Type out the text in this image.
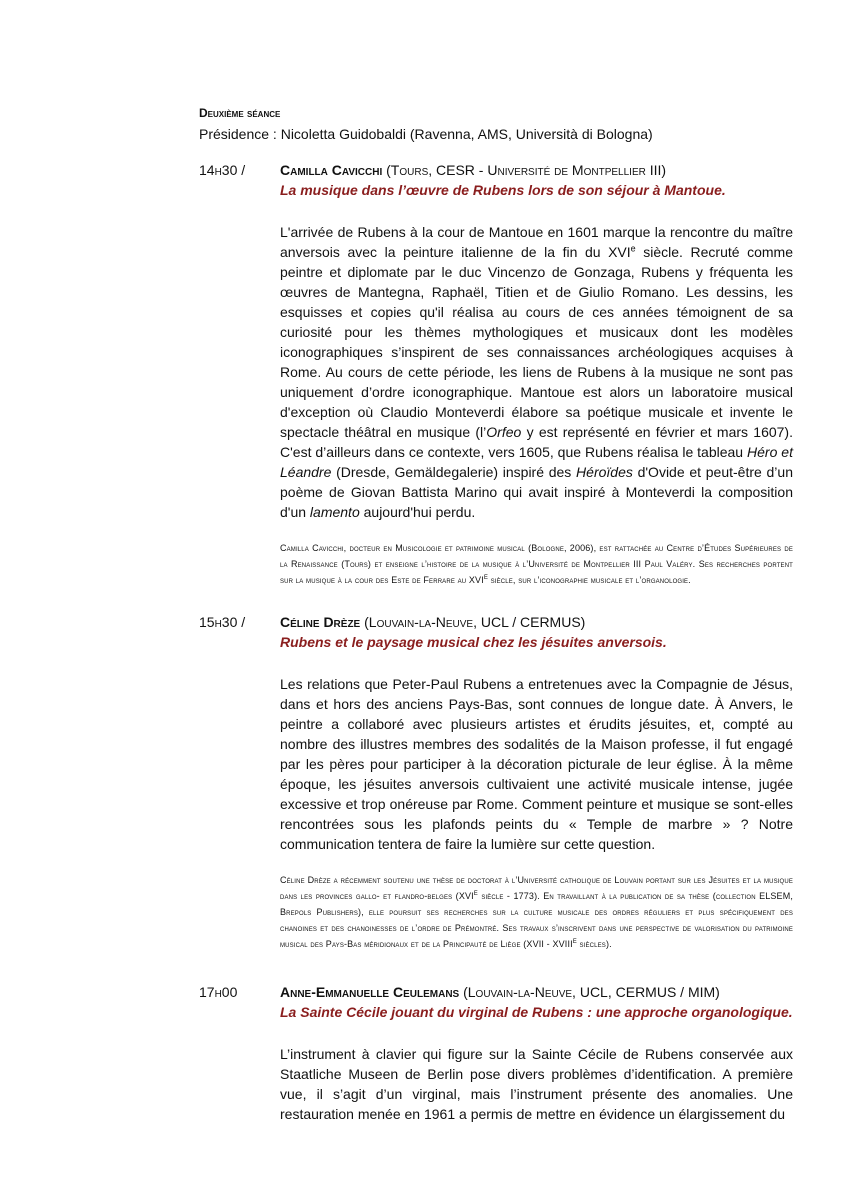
Deuxième séance
Présidence : Nicoletta Guidobaldi (Ravenna, AMS, Università di Bologna)
14h30 /	Camilla Cavicchi (Tours, CESR - Université de Montpellier III)
La musique dans l’œuvre de Rubens lors de son séjour à Mantoue.

L'arrivée de Rubens à la cour de Mantoue en 1601 marque la rencontre du maître anversois avec la peinture italienne de la fin du XVIe siècle. Recruté comme peintre et diplomate par le duc Vincenzo de Gonzaga, Rubens y fréquenta les œuvres de Mantegna, Raphaël, Titien et de Giulio Romano. Les dessins, les esquisses et copies qu'il réalisa au cours de ces années témoignent de sa curiosité pour les thèmes mythologiques et musicaux dont les modèles iconographiques s’inspirent de ses connaissances archéologiques acquises à Rome. Au cours de cette période, les liens de Rubens à la musique ne sont pas uniquement d’ordre iconographique. Mantoue est alors un laboratoire musical d'exception où Claudio Monteverdi élabore sa poétique musicale et invente le spectacle théâtral en musique (l’Orfeo y est représenté en février et mars 1607). C'est d’ailleurs dans ce contexte, vers 1605, que Rubens réalisa le tableau Héro et Léandre (Dresde, Gemäldegalerie) inspiré des Héroïdes d'Ovide et peut-être d’un poème de Giovan Battista Marino qui avait inspiré à Monteverdi la composition d'un lamento aujourd'hui perdu.

Camilla Cavicchi, docteur en Musicologie et patrimoine musical (Bologne, 2006), est rattachée au Centre d’Études Supérieures de la Renaissance (Tours) et enseigne l’histoire de la musique à l’Université de Montpellier III Paul Valéry. Ses recherches portent sur la musique à la cour des Este de Ferrare au XVIe siècle, sur l’iconographie musicale et l’organologie.

15h30 /	Céline Drèze (Louvain-la-Neuve, UCL / CERMUS)
Rubens et le paysage musical chez les jésuites anversois.

Les relations que Peter-Paul Rubens a entretenues avec la Compagnie de Jésus, dans et hors des anciens Pays-Bas, sont connues de longue date. À Anvers, le peintre a collaboré avec plusieurs artistes et érudits jésuites, et, compté au nombre des illustres membres des sodalités de la Maison professe, il fut engagé par les pères pour participer à la décoration picturale de leur église. À la même époque, les jésuites anversois cultivaient une activité musicale intense, jugée excessive et trop onéreuse par Rome. Comment peinture et musique se sont-elles rencontrées sous les plafonds peints du « Temple de marbre » ? Notre communication tentera de faire la lumière sur cette question.

Céline Drèze a récemment soutenu une thèse de doctorat à l’Université catholique de Louvain portant sur les Jésuites et la musique dans les provinces gallo- et flandro-belges (XVIe siècle - 1773). En travaillant à la publication de sa thèse (collection ELSEM, Brepols Publishers), elle poursuit ses recherches sur la culture musicale des ordres réguliers et plus spécifiquement des chanoines et des chanoinesses de l’ordre de Prémontré. Ses travaux s’inscrivent dans une perspective de valorisation du patrimoine musical des Pays-Bas méridionaux et de la Principauté de Liège (XVII - XVIIIe siècles).

17h00	Anne-Emmanuelle Ceulemans (Louvain-la-Neuve, UCL, CERMUS / MIM)
La Sainte Cécile jouant du virginal de Rubens : une approche organologique.

L’instrument à clavier qui figure sur la Sainte Cécile de Rubens conservée aux Staatliche Museen de Berlin pose divers problèmes d’identification. A première vue, il s’agit d’un virginal, mais l’instrument présente des anomalies. Une restauration menée en 1961 a permis de mettre en évidence un élargissement du
